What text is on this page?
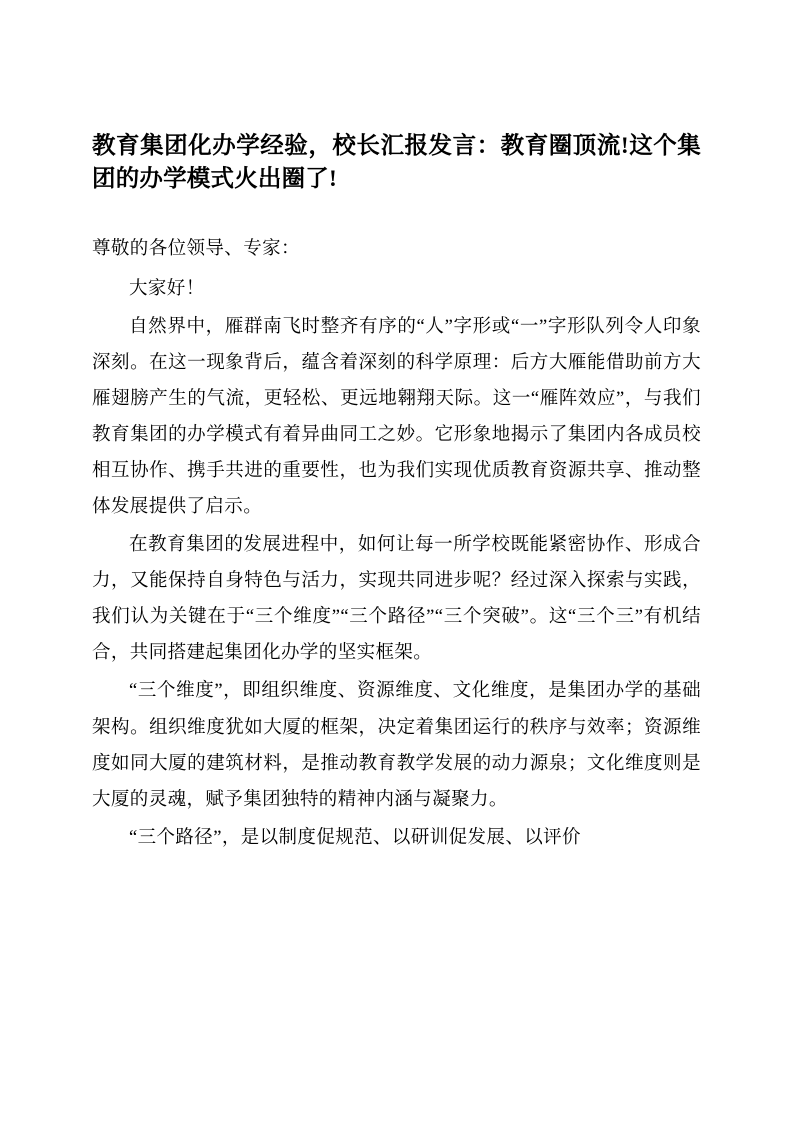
教育集团化办学经验，校长汇报发言：教育圈顶流!这个集团的办学模式火出圈了!

尊敬的各位领导、专家：

大家好！

自然界中，雁群南飞时整齐有序的“人”字形或“一”字形队列令人印象深刻。在这一现象背后，蕴含着深刻的科学原理：后方大雁能借助前方大雁翅膀产生的气流，更轻松、更远地翱翔天际。这一“雁阵效应”，与我们教育集团的办学模式有着异曲同工之妙。它形象地揭示了集团内各成员校相互协作、携手共进的重要性，也为我们实现优质教育资源共享、推动整体发展提供了启示。

在教育集团的发展进程中，如何让每一所学校既能紧密协作、形成合力，又能保持自身特色与活力，实现共同进步呢？经过深入探索与实践，我们认为关键在于“三个维度”“三个路径”“三个突破”。这“三个三”有机结合，共同搭建起集团化办学的坚实框架。

“三个维度”，即组织维度、资源维度、文化维度，是集团办学的基础架构。组织维度犹如大厦的框架，决定着集团运行的秩序与效率；资源维度如同大厦的建筑材料，是推动教育教学发展的动力源泉；文化维度则是大厦的灵魂，赋予集团独特的精神内涵与凝聚力。

“三个路径”，是以制度促规范、以研训促发展、以评价
